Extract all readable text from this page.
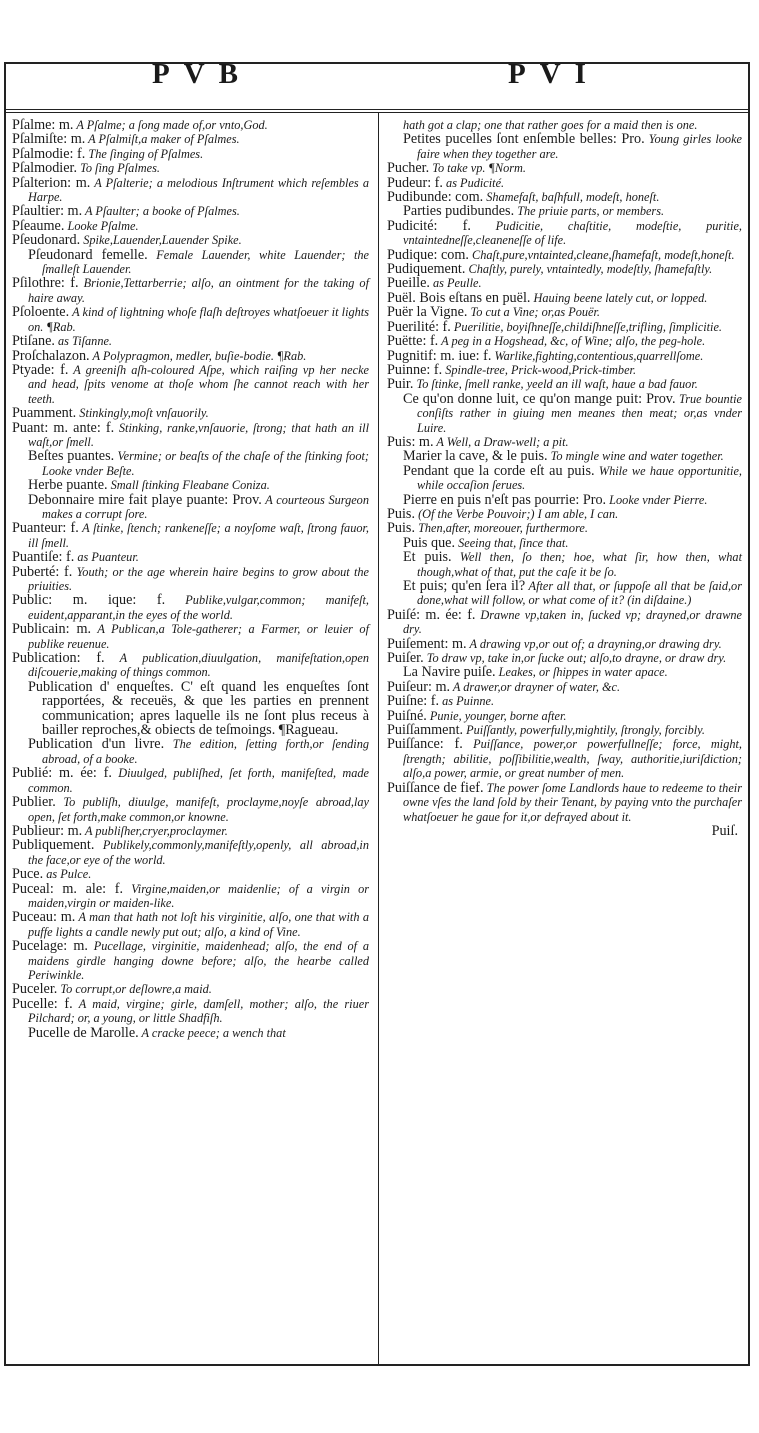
PVB	PVI

Pſalme: m. A Pſalme; a ſong made of,or vnto,God.

Pſalmiſte: m. A Pſalmiſt,a maker of Pſalmes.

Pſalmodie: f. The ſinging of Pſalmes.

Pſalmodier. To ſing Pſalmes.

Pſalterion: m. A Pſalterie; a melodious Inſtrument which reſembles a Harpe.

Pſaultier: m. A Pſaulter; a booke of Pſalmes.

Pſeaume. Looke Pſalme.

Pſeudonard. Spike,Lauender,Lauender Spike.

Pſeudonard femelle. Female Lauender, white Lauender; the ſmalleſt Lauender.

Pſilothre: f. Brionie,Tettarberrie; alſo, an ointment for the taking of haire away.

Pſoloente. A kind of lightning whoſe flaſh deſtroyes whatſoeuer it lights on. ¶Rab.

Ptiſane. as Tiſanne.

Proſchalazon. A Polypragmon, medler, buſie-bodie. ¶Rab.

Ptyade: f. A greeniſh aſh-coloured Aſpe, which raiſing vp her necke and head, ſpits venome at thoſe whom ſhe cannot reach with her teeth.

Puamment. Stinkingly,moſt vnſauorily.

Puant: m. ante: f. Stinking, ranke,vnſauorie, ſtrong; that hath an ill waſt,or ſmell.

Beſtes puantes. Vermine; or beaſts of the chaſe of the ſtinking foot; Looke vnder Beſte.

Herbe puante. Small ſtinking Fleabane Coniza.

Debonnaire mire fait playe puante: Prov. A courteous Surgeon makes a corrupt ſore.

Puanteur: f. A ſtinke, ſtench; rankeneſſe; a noyſome waſt, ſtrong fauor, ill ſmell.

Puantiſe: f. as Puanteur.

Puberté: f. Youth; or the age wherein haire begins to grow about the priuities.

Public: m. ique: f. Publike,vulgar,common; manifeſt, euident,apparant,in the eyes of the world.

Publicain: m. A Publican,a Tole-gatherer; a Farmer, or leuier of publike reuenue.

Publication: f. A publication,diuulgation, manifeſtation,open diſcouerie,making of things common.

Publication d' enqueſtes. C' eſt quand les enqueſtes ſont rapportées, & receuës, & que les parties en prennent communication; apres laquelle ils ne ſont plus receus à bailler reproches,& obiects de teſmoings. ¶Ragueau.

Publication d'un livre. The edition, ſetting forth,or ſending abroad, of a booke.

Publié: m. ée: f. Diuulged, publiſhed, ſet forth, manifeſted, made common.

Publier. To publiſh, diuulge, manifeſt, proclayme,noyſe abroad,lay open, ſet forth,make common,or knowne.

Publieur: m. A publiſher,cryer,proclaymer.

Publiquement. Publikely,commonly,manifeſtly,openly, all abroad,in the face,or eye of the world.

Puce. as Pulce.

Puceal: m. ale: f. Virgine,maiden,or maidenlie; of a virgin or maiden,virgin or maiden-like.

Puceau: m. A man that hath not loſt his virginitie, alſo, one that with a puffe lights a candle newly put out; alſo, a kind of Vine.

Pucelage: m. Pucellage, virginitie, maidenhead; alſo, the end of a maidens girdle hanging downe before; alſo, the hearbe called Periwinkle.

Puceler. To corrupt,or deſlowre,a maid.

Pucelle: f. A maid, virgine; girle, damſell, mother; alſo, the riuer Pilchard; or, a young, or little Shadfiſh.

Pucelle de Marolle. A cracke peece; a wench that

hath got a clap; one that rather goes for a maid then is one.

Petites pucelles ſont enſemble belles: Pro. Young girles looke faire when they together are.

Pucher. To take vp. ¶Norm.

Pudeur: f. as Pudicité.

Pudibunde: com. Shamefaſt, baſhfull, modeſt, honeſt.

Parties pudibundes. The priuie parts, or members.

Pudicité: f. Pudicitie, chaſtitie, modeſtie, puritie, vntaintedneſſe,cleaneneſſe of life.

Pudique: com. Chaſt,pure,vntainted,cleane,ſhamefaſt, modeſt,honeſt.

Pudiquement. Chaſtly, purely, vntaintedly, modeſtly, ſhamefaſtly.

Pueille. as Peulle.

Puël. Bois eſtans en puël. Hauing beene lately cut, or lopped.

Puër la Vigne. To cut a Vine; or,as Pouër.

Puerilité: f. Puerilitie, boyiſhneſſe,childiſhneſſe,trifling, ſimplicitie.

Puëtte: f. A peg in a Hogshead, &c, of Wine; alſo, the peg-hole.

Pugnitif: m. iue: f. Warlike,fighting,contentious,quarrellſome.

Puinne: f. Spindle-tree, Prick-wood,Prick-timber.

Puir. To ſtinke, ſmell ranke, yeeld an ill waſt, haue a bad fauor.

Ce qu'on donne luit, ce qu'on mange puit: Prov. True bountie conſiſts rather in giuing men meanes then meat; or,as vnder Luire.

Puis: m. A Well, a Draw-well; a pit.

Marier la cave, & le puis. To mingle wine and water together.

Pendant que la corde eſt au puis. While we haue opportunitie, while occaſion ſerues.

Pierre en puis n'eſt pas pourrie: Pro. Looke vnder Pierre.

Puis. (Of the Verbe Pouvoir;) I am able, I can.

Puis. Then,after, moreouer, furthermore.

Puis que. Seeing that, ſince that.

Et puis. Well then, ſo then; hoe, what ſir, how then, what though,what of that, put the caſe it be ſo.

Et puis; qu'en ſera il? After all that, or ſuppoſe all that be ſaid,or done,what will follow, or what come of it? (in diſdaine.)

Puiſé: m. ée: f. Drawne vp,taken in, ſucked vp; drayned,or drawne dry.

Puiſement: m. A drawing vp,or out of; a drayning,or drawing dry.

Puiſer. To draw vp, take in,or ſucke out; alſo,to drayne, or draw dry.

La Navire puiſe. Leakes, or ſhippes in water apace.

Puiſeur: m. A drawer,or drayner of water, &c.

Puiſne: f. as Puinne.

Puiſné. Punie, younger, borne after.

Puiſſamment. Puiſſantly, powerfully,mightily, ſtrongly, forcibly.

Puiſſance: f. Puiſſance, power,or powerfullneſſe; force, might, ſtrength; abilitie, poſſibilitie,wealth, ſway, authoritie,iuriſdiction; alſo,a power, armie, or great number of men.

Puiſſance de fief. The power ſome Landlords haue to redeeme to their owne vſes the land ſold by their Tenant, by paying vnto the purchaſer whatſoeuer he gaue for it,or defrayed about it.

Puiſ.
